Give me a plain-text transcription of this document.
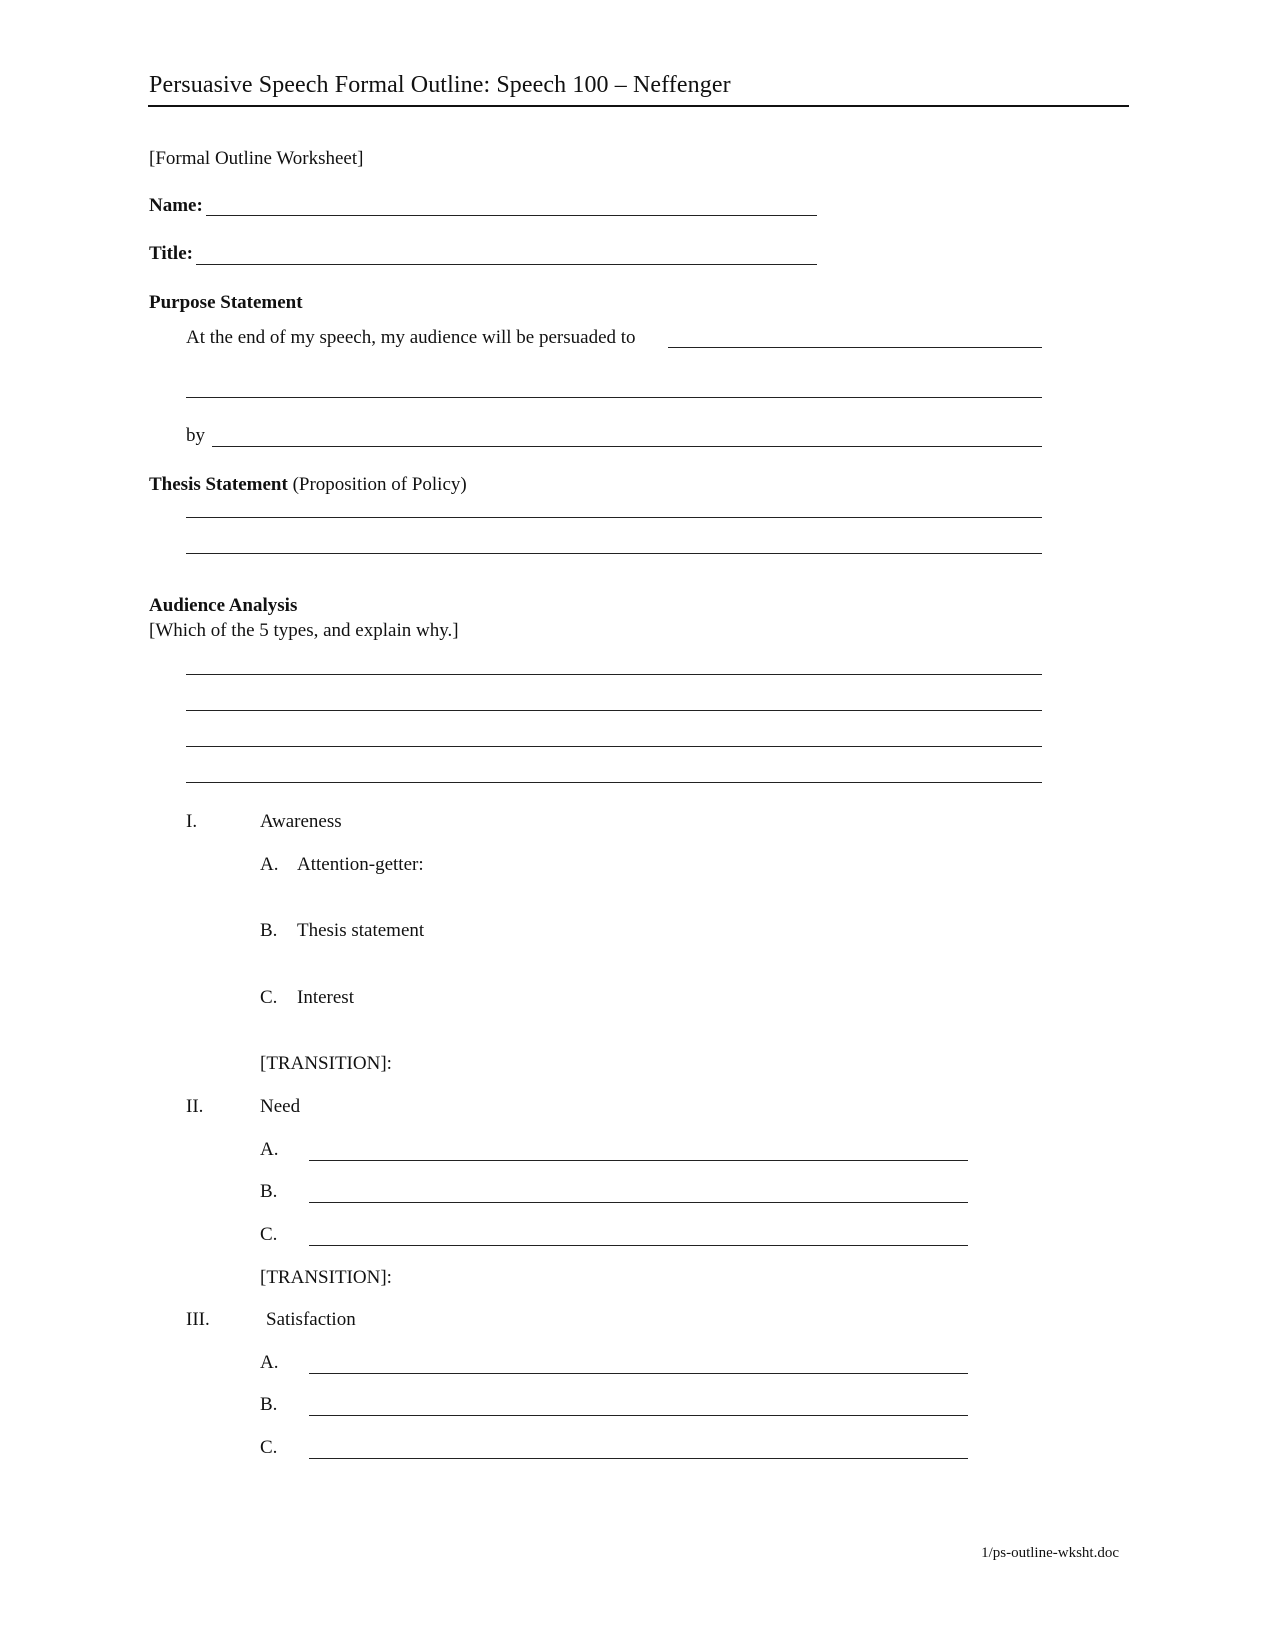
Persuasive Speech Formal Outline: Speech 100 – Neffenger
[Formal Outline Worksheet]
Name:
Title:
Purpose Statement
At the end of my speech, my audience will be persuaded to
by
Thesis Statement (Proposition of Policy)
Audience Analysis
[Which of the 5 types, and explain why.]
I.	Awareness
A. Attention-getter:
B. Thesis statement
C. Interest
[TRANSITION]:
II.	Need
A.
B.
C.
[TRANSITION]:
III.	Satisfaction
A.
B.
C.
1/ps-outline-wksht.doc
